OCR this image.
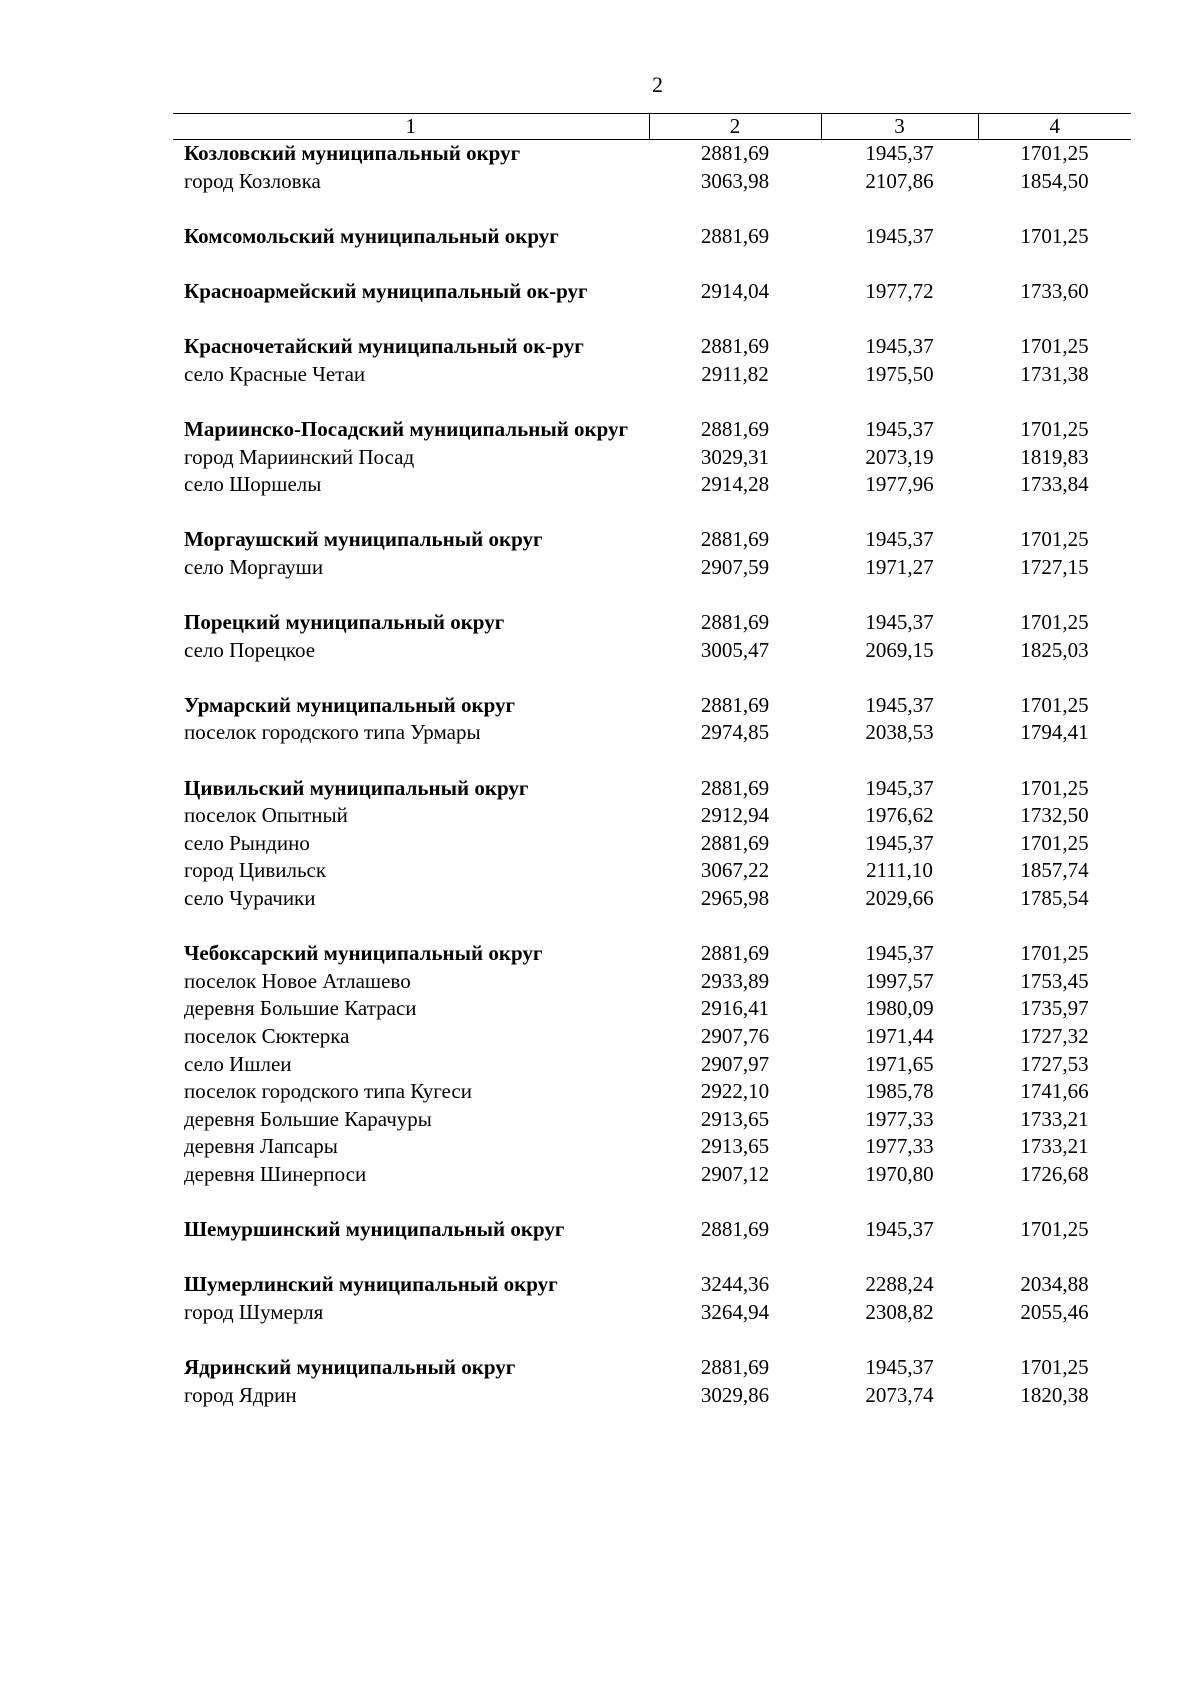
2
1	2	3	4
Козловский муниципальный округ	2881,69	1945,37	1701,25
город Козловка	3063,98	2107,86	1854,50

Комсомольский муниципальный округ	2881,69	1945,37	1701,25

Красноармейский муниципальный ок-руг	2914,04	1977,72	1733,60

Красночетайский муниципальный ок-руг	2881,69	1945,37	1701,25
село Красные Четаи	2911,82	1975,50	1731,38

Мариинско-Посадский муниципальный округ	2881,69	1945,37	1701,25
город Мариинский Посад	3029,31	2073,19	1819,83
село Шоршелы	2914,28	1977,96	1733,84

Моргаушский муниципальный округ	2881,69	1945,37	1701,25
село Моргауши	2907,59	1971,27	1727,15

Порецкий муниципальный округ	2881,69	1945,37	1701,25
село Порецкое	3005,47	2069,15	1825,03

Урмарский муниципальный округ	2881,69	1945,37	1701,25
поселок городского типа Урмары	2974,85	2038,53	1794,41

Цивильский муниципальный округ	2881,69	1945,37	1701,25
поселок Опытный	2912,94	1976,62	1732,50
село Рындино	2881,69	1945,37	1701,25
город Цивильск	3067,22	2111,10	1857,74
село Чурачики	2965,98	2029,66	1785,54

Чебоксарский муниципальный округ	2881,69	1945,37	1701,25
поселок Новое Атлашево	2933,89	1997,57	1753,45
деревня Большие Катраси	2916,41	1980,09	1735,97
поселок Сюктерка	2907,76	1971,44	1727,32
село Ишлеи	2907,97	1971,65	1727,53
поселок городского типа Кугеси	2922,10	1985,78	1741,66
деревня Большие Карачуры	2913,65	1977,33	1733,21
деревня Лапсары	2913,65	1977,33	1733,21
деревня Шинерпоси	2907,12	1970,80	1726,68

Шемуршинский муниципальный округ	2881,69	1945,37	1701,25

Шумерлинский муниципальный округ	3244,36	2288,24	2034,88
город Шумерля	3264,94	2308,82	2055,46

Ядринский муниципальный округ	2881,69	1945,37	1701,25
город Ядрин	3029,86	2073,74	1820,38
